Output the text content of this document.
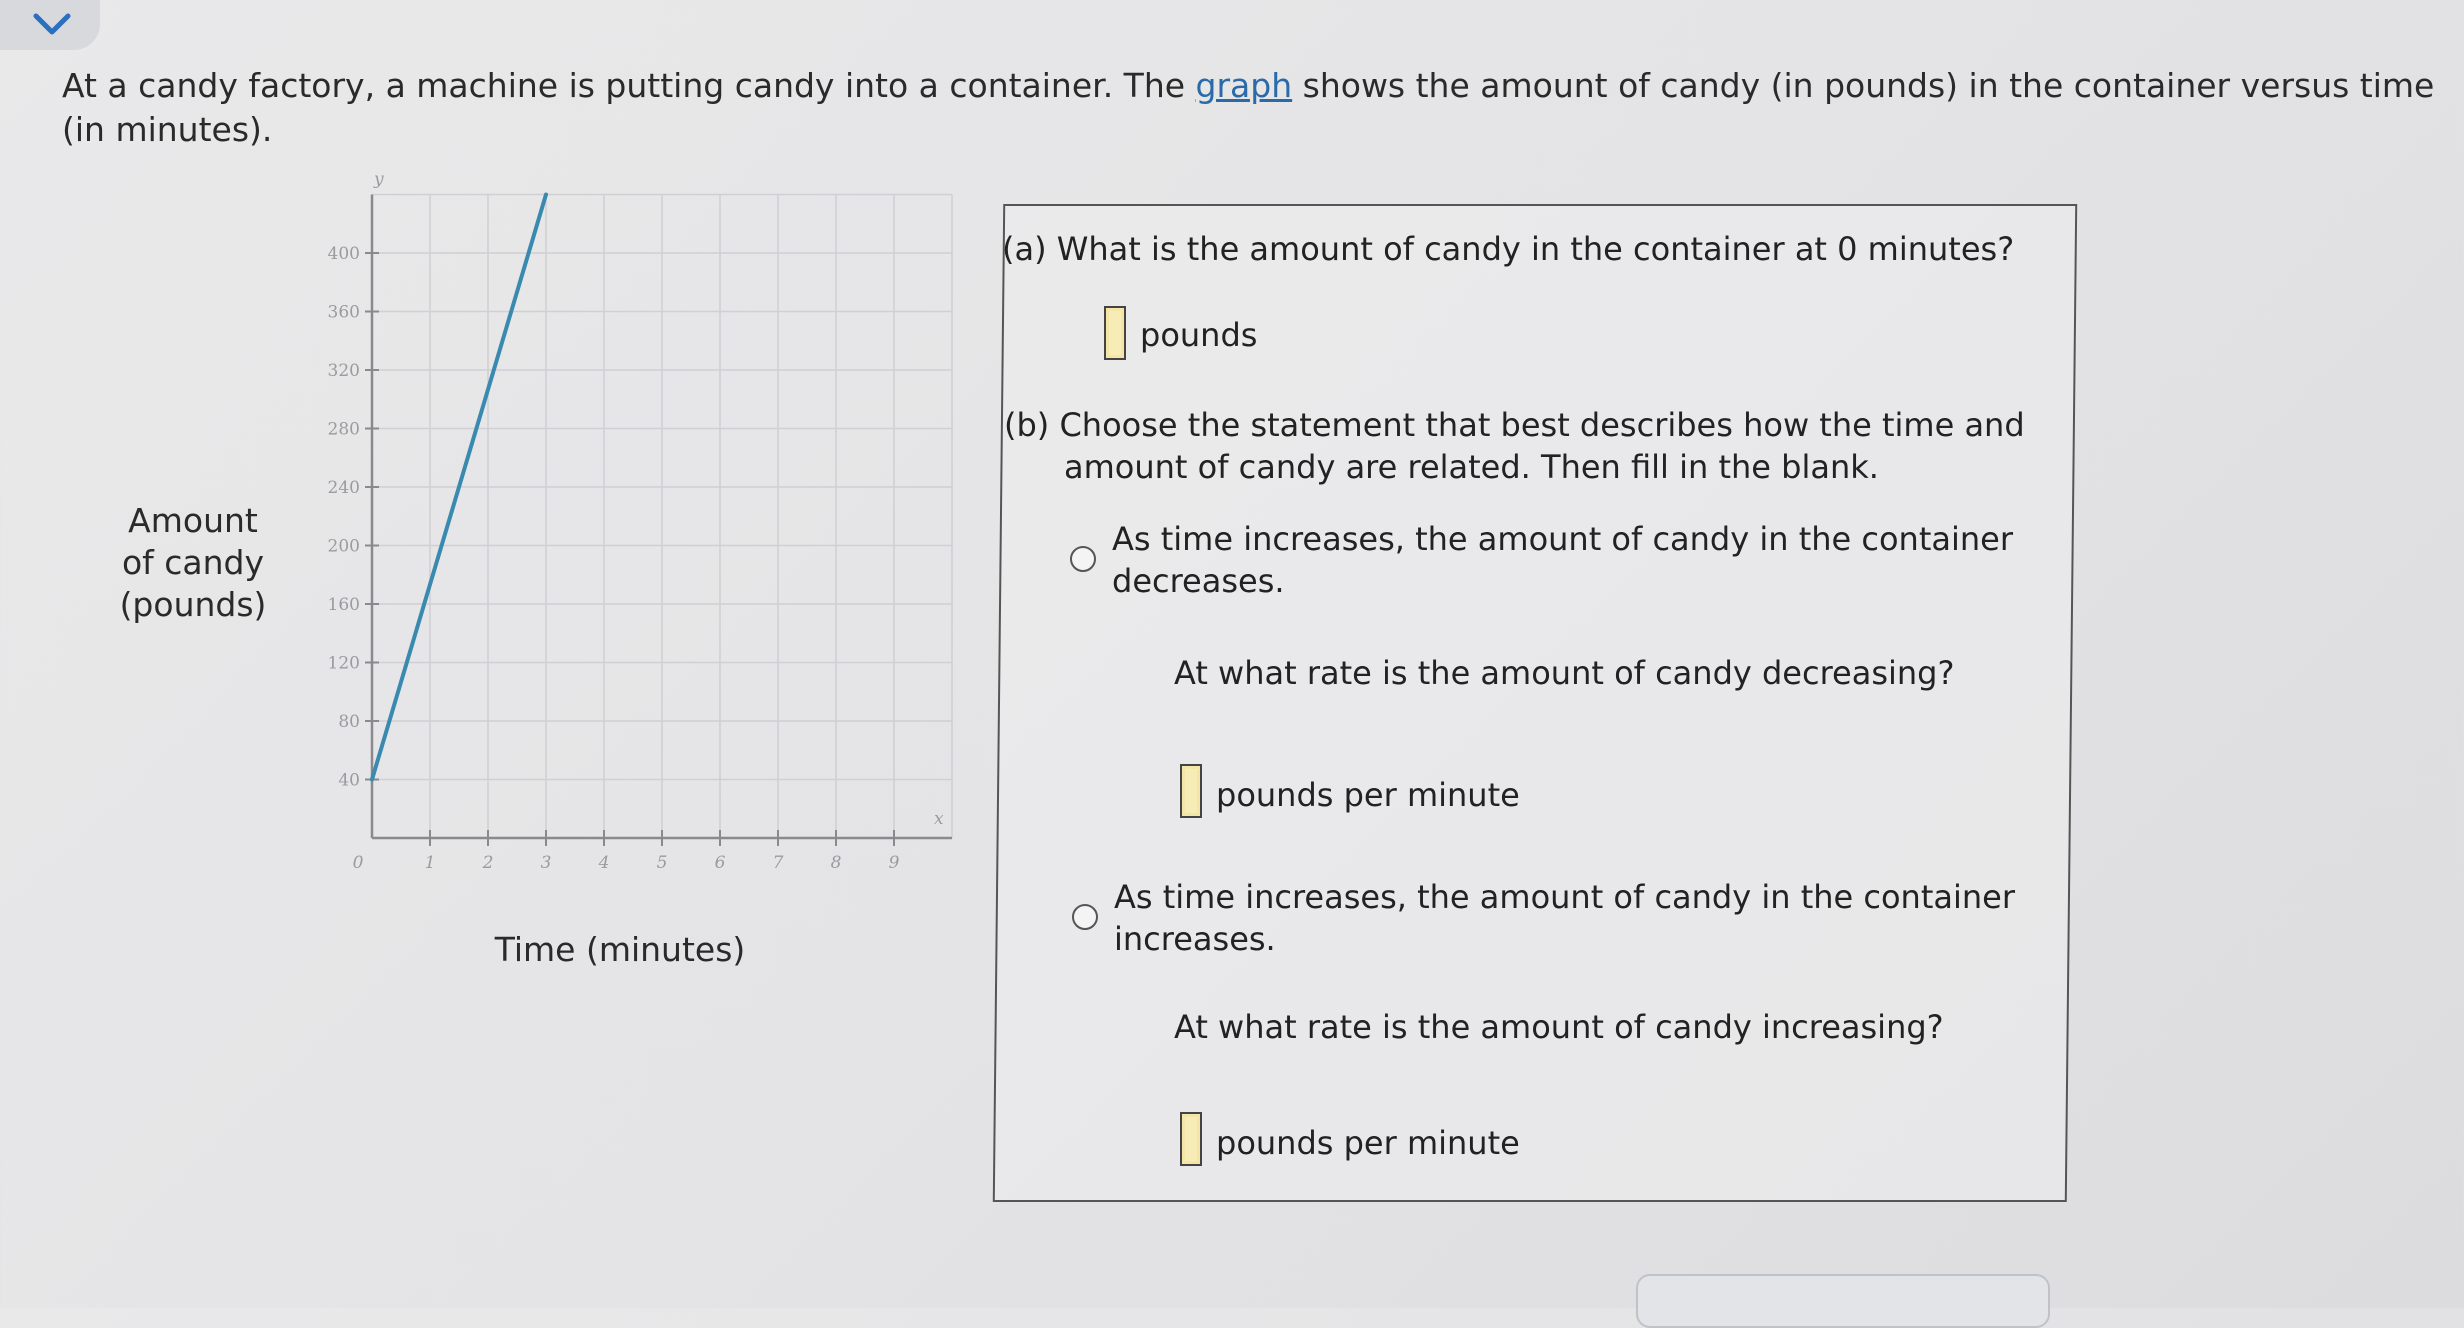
At a candy factory, a machine is putting candy into a container. The graph shows the amount of candy (in pounds) in the container versus time (in minutes).
Amount
of candy
(pounds)
40
80
120
160
200
240
280
320
360
400
0	1	2	3	4	5	6	7	8	9
y
x
Time (minutes)
(a) What is the amount of candy in the container at 0 minutes?
pounds
(b) Choose the statement that best describes how the time and
amount of candy are related. Then fill in the blank.
As time increases, the amount of candy in the container
decreases.
At what rate is the amount of candy decreasing?
pounds per minute
As time increases, the amount of candy in the container
increases.
At what rate is the amount of candy increasing?
pounds per minute
